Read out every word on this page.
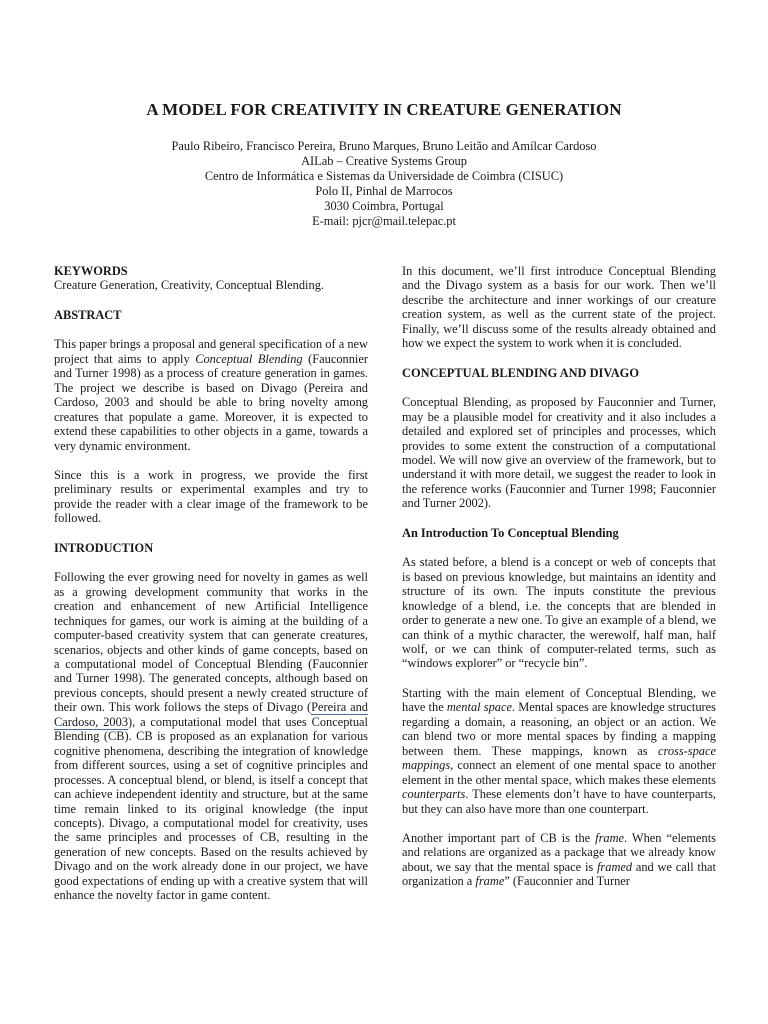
A MODEL FOR CREATIVITY IN CREATURE GENERATION
Paulo Ribeiro, Francisco Pereira, Bruno Marques, Bruno Leitão and Amílcar Cardoso
AILab – Creative Systems Group
Centro de Informática e Sistemas da Universidade de Coimbra (CISUC)
Polo II, Pinhal de Marrocos
3030 Coimbra, Portugal
E-mail: pjcr@mail.telepac.pt
KEYWORDS

Creature Generation, Creativity, Conceptual Blending.

ABSTRACT

This paper brings a proposal and general specification of a new project that aims to apply Conceptual Blending (Fauconnier and Turner 1998) as a process of creature generation in games. The project we describe is based on Divago (Pereira and Cardoso, 2003 and should be able to bring novelty among creatures that populate a game. Moreover, it is expected to extend these capabilities to other objects in a game, towards a very dynamic environment.

Since this is a work in progress, we provide the first preliminary results or experimental examples and try to provide the reader with a clear image of the framework to be followed.

INTRODUCTION

Following the ever growing need for novelty in games as well as a growing development community that works in the creation and enhancement of new Artificial Intelligence techniques for games, our work is aiming at the building of a computer-based creativity system that can generate creatures, scenarios, objects and other kinds of game concepts, based on a computational model of Conceptual Blending (Fauconnier and Turner 1998). The generated concepts, although based on previous concepts, should present a newly created structure of their own. This work follows the steps of Divago (Pereira and Cardoso, 2003), a computational model that uses Conceptual Blending (CB). CB is proposed as an explanation for various cognitive phenomena, describing the integration of knowledge from different sources, using a set of cognitive principles and processes. A conceptual blend, or blend, is itself a concept that can achieve independent identity and structure, but at the same time remain linked to its original knowledge (the input concepts). Divago, a computational model for creativity, uses the same principles and processes of CB, resulting in the generation of new concepts. Based on the results achieved by Divago and on the work already done in our project, we have good expectations of ending up with a creative system that will enhance the novelty factor in game content.

In this document, we’ll first introduce Conceptual Blending and the Divago system as a basis for our work. Then we’ll describe the architecture and inner workings of our creature creation system, as well as the current state of the project. Finally, we’ll discuss some of the results already obtained and how we expect the system to work when it is concluded.

CONCEPTUAL BLENDING AND DIVAGO

Conceptual Blending, as proposed by Fauconnier and Turner, may be a plausible model for creativity and it also includes a detailed and explored set of principles and processes, which provides to some extent the construction of a computational model. We will now give an overview of the framework, but to understand it with more detail, we suggest the reader to look in the reference works (Fauconnier and Turner 1998; Fauconnier and Turner 2002).

An Introduction To Conceptual Blending

As stated before, a blend is a concept or web of concepts that is based on previous knowledge, but maintains an identity and structure of its own. The inputs constitute the previous knowledge of a blend, i.e. the concepts that are blended in order to generate a new one. To give an example of a blend, we can think of a mythic character, the werewolf, half man, half wolf, or we can think of computer-related terms, such as “windows explorer” or “recycle bin”.

Starting with the main element of Conceptual Blending, we have the mental space. Mental spaces are knowledge structures regarding a domain, a reasoning, an object or an action. We can blend two or more mental spaces by finding a mapping between them. These mappings, known as cross-space mappings, connect an element of one mental space to another element in the other mental space, which makes these elements counterparts. These elements don’t have to have counterparts, but they can also have more than one counterpart.

Another important part of CB is the frame. When “elements and relations are organized as a package that we already know about, we say that the mental space is framed and we call that organization a frame” (Fauconnier and Turner
